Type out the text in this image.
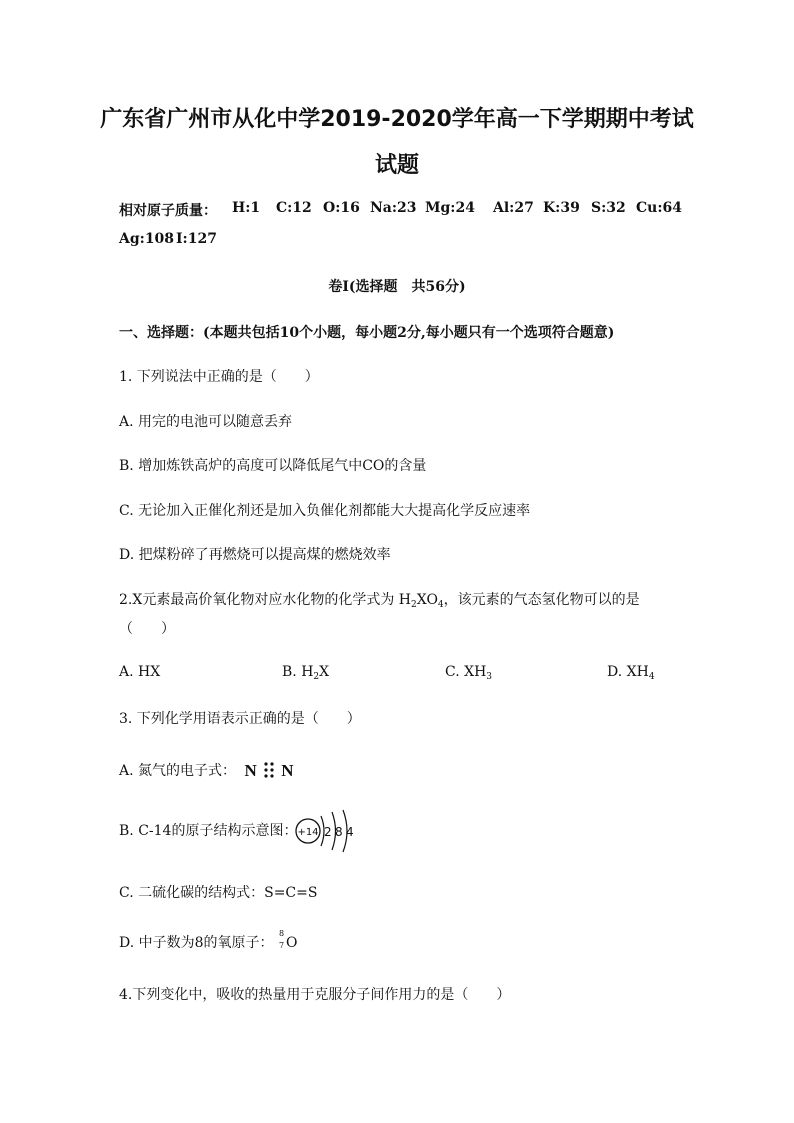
广东省广州市从化中学2019-2020学年高一下学期期中考试
试题
相对原子质量： H:1 C:12 O:16 Na:23 Mg:24 Al:27 K:39 S:32 Cu:64
Ag:108 I:127
卷Ⅰ(选择题　共56分)
一、选择题：(本题共包括10个小题，每小题2分,每小题只有一个选项符合题意)
1. 下列说法中正确的是（　　）
A. 用完的电池可以随意丢弃
B. 增加炼铁高炉的高度可以降低尾气中CO的含量
C. 无论加入正催化剂还是加入负催化剂都能大大提高化学反应速率
D. 把煤粉碎了再燃烧可以提高煤的燃烧效率
2.X元素最高价氧化物对应水化物的化学式为 $H_2XO_4$，该元素的气态氢化物可以的是
（　　）
A. HX	B. $H_2X$	C. $XH_3$	D. $XH_4$
3. 下列化学用语表示正确的是（　　）
A. 氮气的电子式： N N
B. C-14的原子结构示意图： +14 2 8 4
C. 二硫化碳的结构式：S=C=S
D. 中子数为8的氧原子：
8
7 O
4.下列变化中，吸收的热量用于克服分子间作用力的是（　　）
